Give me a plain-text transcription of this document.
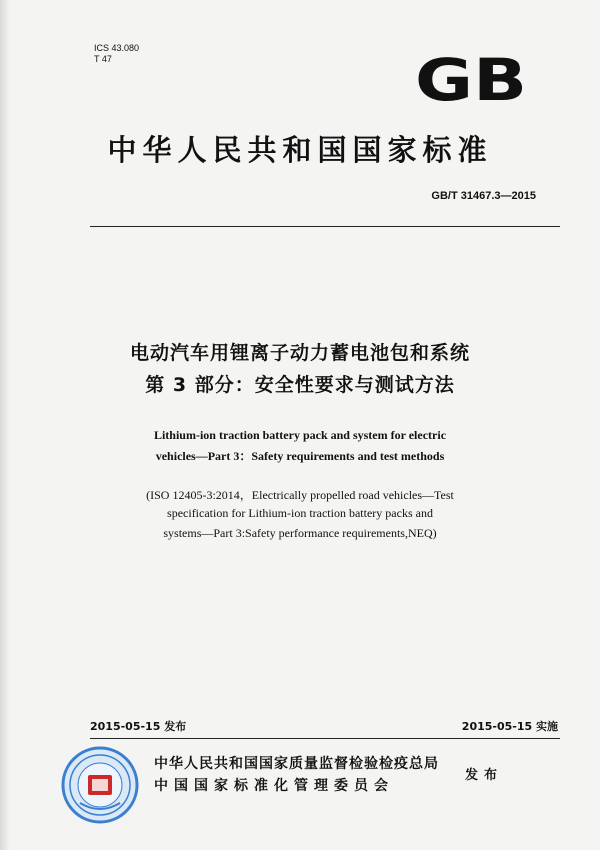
ICS 43.080
T 47	GB
中华人民共和国国家标准
GB/T 31467.3—2015
电动汽车用锂离子动力蓄电池包和系统
第 3 部分：安全性要求与测试方法
Lithium-ion traction battery pack and system for electric
vehicles—Part 3：Safety requirements and test methods
(ISO 12405-3:2014，Electrically propelled road vehicles—Test
specification for Lithium-ion traction battery packs and
systems—Part 3:Safety performance requirements,NEQ)
2015-05-15 发布	2015-05-15 实施
中华人民共和国国家质量监督检验检疫总局
中国国家标准化管理委员会
发布
